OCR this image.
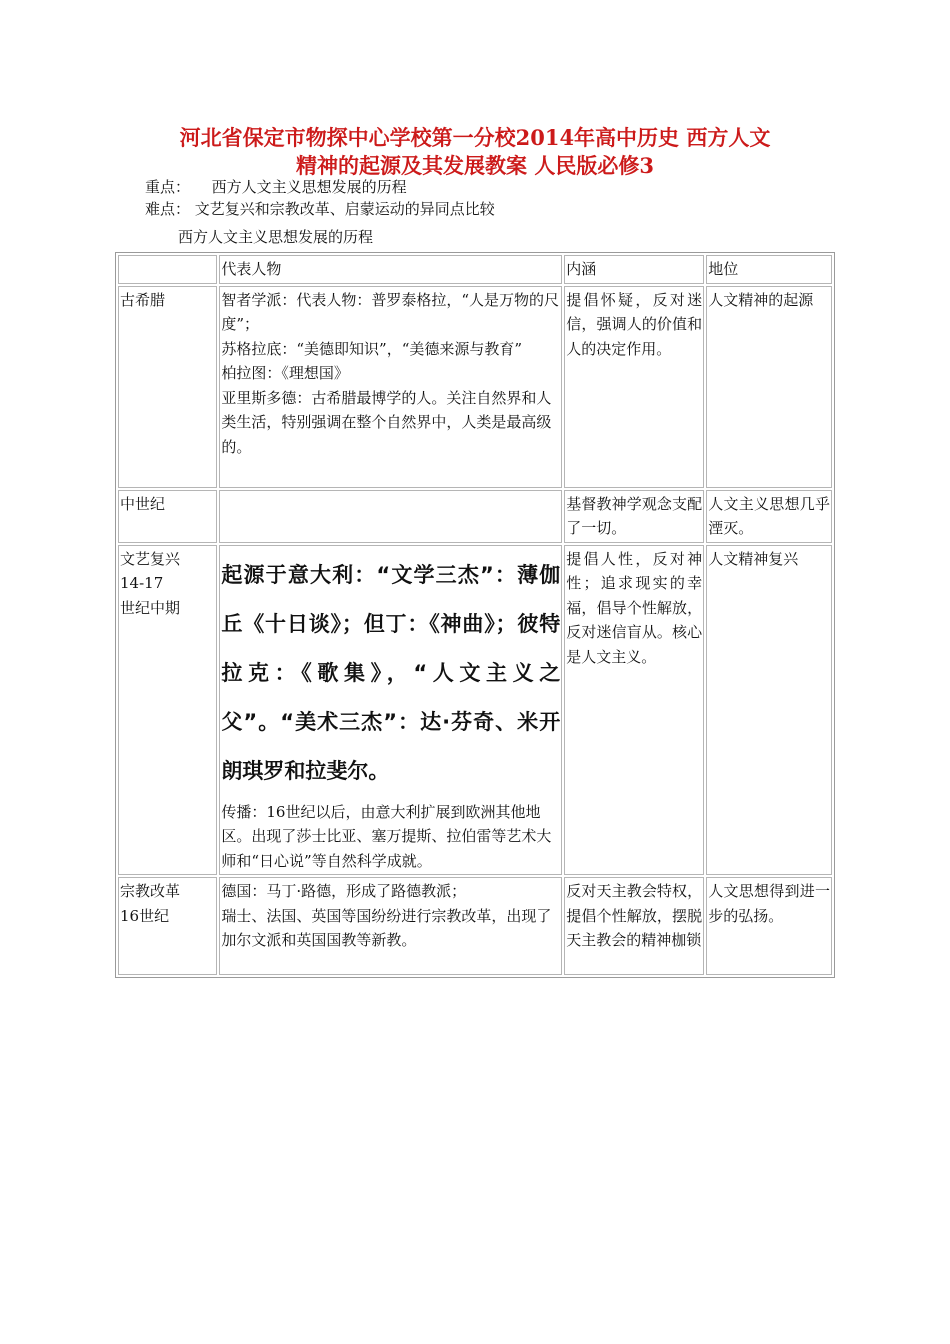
河北省保定市物探中心学校第一分校2014年高中历史 西方人文
精神的起源及其发展教案 人民版必修3
重点： 西方人文主义思想发展的历程
难点： 文艺复兴和宗教改革、启蒙运动的异同点比较
西方人文主义思想发展的历程
	代表人物	内涵	地位
古希腊	智者学派：代表人物：普罗泰格拉，“人是万物的尺度”；
苏格拉底：“美德即知识”，“美德来源与教育”
柏拉图：《理想国》
亚里斯多德：古希腊最博学的人。关注自然界和人类生活，特别强调在整个自然界中，人类是最高级的。	提倡怀疑，反对迷信，强调人的价值和人的决定作用。	人文精神的起源
中世纪		基督教神学观念支配了一切。	人文主义思想几乎湮灭。

文艺复兴
14-17
世纪中期	起源于意大利：“文学三杰”：薄伽丘《十日谈》；但丁：《神曲》；彼特拉克：《歌集》，“人文主义之父”。“美术三杰”：达·芬奇、米开朗琪罗和拉斐尔。
传播：16世纪以后，由意大利扩展到欧洲其他地区。出现了莎士比亚、塞万提斯、拉伯雷等艺术大师和“日心说”等自然科学成就。	提倡人性，反对神性；追求现实的幸福，倡导个性解放，反对迷信盲从。核心是人文主义。	人文精神复兴

宗教改革
16世纪	德国：马丁·路德，形成了路德教派；
瑞士、法国、英国等国纷纷进行宗教改革，出现了加尔文派和英国国教等新教。	反对天主教会特权，提倡个性解放，摆脱天主教会的精神枷锁	人文思想得到进一步的弘扬。
